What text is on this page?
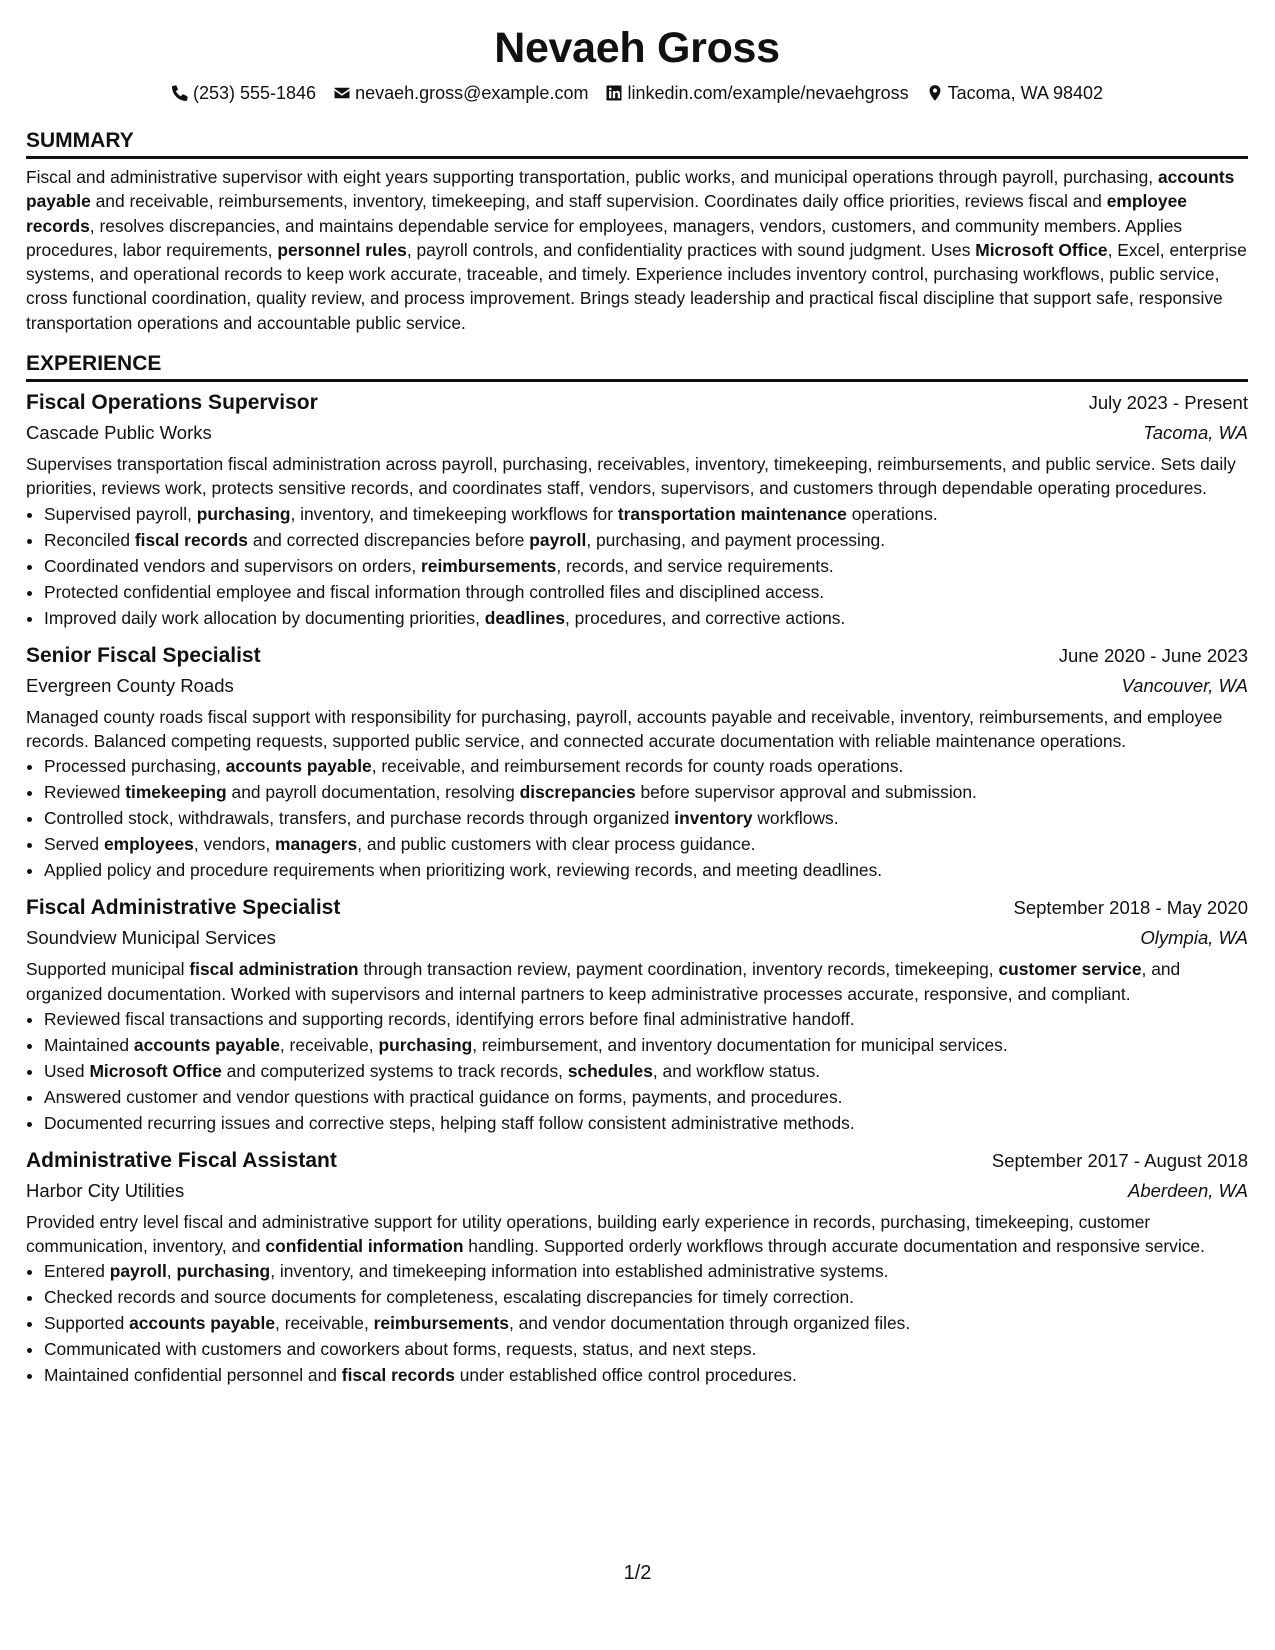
Nevaeh Gross
(253) 555-1846 nevaeh.gross@example.com linkedin.com/example/nevaehgross Tacoma, WA 98402
SUMMARY

Fiscal and administrative supervisor with eight years supporting transportation, public works, and municipal operations through payroll, purchasing, accounts payable and receivable, reimbursements, inventory, timekeeping, and staff supervision. Coordinates daily office priorities, reviews fiscal and employee records, resolves discrepancies, and maintains dependable service for employees, managers, vendors, customers, and community members. Applies procedures, labor requirements, personnel rules, payroll controls, and confidentiality practices with sound judgment. Uses Microsoft Office, Excel, enterprise systems, and operational records to keep work accurate, traceable, and timely. Experience includes inventory control, purchasing workflows, public service, cross functional coordination, quality review, and process improvement. Brings steady leadership and practical fiscal discipline that support safe, responsive transportation operations and accountable public service.

EXPERIENCE
Fiscal Operations Supervisor	July 2023 - Present
Cascade Public Works	Tacoma, WA

Supervises transportation fiscal administration across payroll, purchasing, receivables, inventory, timekeeping, reimbursements, and public service. Sets daily priorities, reviews work, protects sensitive records, and coordinates staff, vendors, supervisors, and customers through dependable operating procedures.

• Supervised payroll, purchasing, inventory, and timekeeping workflows for transportation maintenance operations.
• Reconciled fiscal records and corrected discrepancies before payroll, purchasing, and payment processing.
• Coordinated vendors and supervisors on orders, reimbursements, records, and service requirements.
• Protected confidential employee and fiscal information through controlled files and disciplined access.
• Improved daily work allocation by documenting priorities, deadlines, procedures, and corrective actions.
Senior Fiscal Specialist	June 2020 - June 2023
Evergreen County Roads	Vancouver, WA

Managed county roads fiscal support with responsibility for purchasing, payroll, accounts payable and receivable, inventory, reimbursements, and employee records. Balanced competing requests, supported public service, and connected accurate documentation with reliable maintenance operations.

• Processed purchasing, accounts payable, receivable, and reimbursement records for county roads operations.
• Reviewed timekeeping and payroll documentation, resolving discrepancies before supervisor approval and submission.
• Controlled stock, withdrawals, transfers, and purchase records through organized inventory workflows.
• Served employees, vendors, managers, and public customers with clear process guidance.
• Applied policy and procedure requirements when prioritizing work, reviewing records, and meeting deadlines.
Fiscal Administrative Specialist	September 2018 - May 2020
Soundview Municipal Services	Olympia, WA

Supported municipal fiscal administration through transaction review, payment coordination, inventory records, timekeeping, customer service, and organized documentation. Worked with supervisors and internal partners to keep administrative processes accurate, responsive, and compliant.

• Reviewed fiscal transactions and supporting records, identifying errors before final administrative handoff.
• Maintained accounts payable, receivable, purchasing, reimbursement, and inventory documentation for municipal services.
• Used Microsoft Office and computerized systems to track records, schedules, and workflow status.
• Answered customer and vendor questions with practical guidance on forms, payments, and procedures.
• Documented recurring issues and corrective steps, helping staff follow consistent administrative methods.
Administrative Fiscal Assistant	September 2017 - August 2018
Harbor City Utilities	Aberdeen, WA

Provided entry level fiscal and administrative support for utility operations, building early experience in records, purchasing, timekeeping, customer communication, inventory, and confidential information handling. Supported orderly workflows through accurate documentation and responsive service.

• Entered payroll, purchasing, inventory, and timekeeping information into established administrative systems.
• Checked records and source documents for completeness, escalating discrepancies for timely correction.
• Supported accounts payable, receivable, reimbursements, and vendor documentation through organized files.
• Communicated with customers and coworkers about forms, requests, status, and next steps.
• Maintained confidential personnel and fiscal records under established office control procedures.
1/2
